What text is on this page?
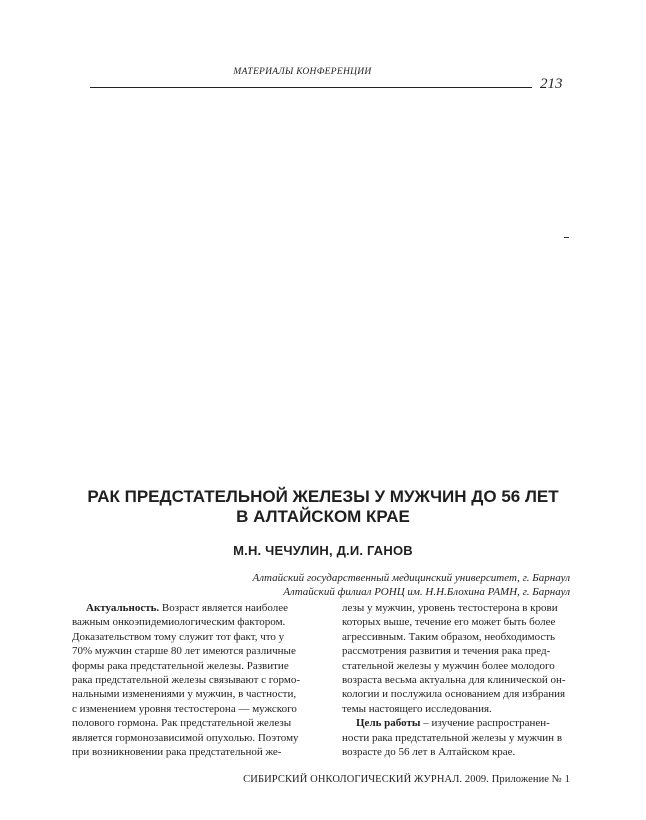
МАТЕРИАЛЫ КОНФЕРЕНЦИИ
213
РАК ПРЕДСТАТЕЛЬНОЙ ЖЕЛЕЗЫ У МУЖЧИН ДО 56 ЛЕТ
В АЛТАЙСКОМ КРАЕ
М.Н. ЧЕЧУЛИН, Д.И. ГАНОВ
Алтайский государственный медицинский университет, г. Барнаул
Алтайский филиал РОНЦ им. Н.Н.Блохина РАМН, г. Барнаул
Актуальность. Возраст является наиболее
важным онкоэпидемиологическим фактором.
Доказательством тому служит тот факт, что у
70% мужчин старше 80 лет имеются различные
формы рака предстательной железы. Развитие
рака предстательной железы связывают с гормо-
нальными изменениями у мужчин, в частности,
с изменением уровня тестостерона — мужского
полового гормона. Рак предстательной железы
является гормонозависимой опухолью. Поэтому
при возникновении рака предстательной же-
лезы у мужчин, уровень тестостерона в крови
которых выше, течение его может быть более
агрессивным. Таким образом, необходимость
рассмотрения развития и течения рака пред-
стательной железы у мужчин более молодого
возраста весьма актуальна для клинической он-
кологии и послужила основанием для избрания
темы настоящего исследования.
Цель работы – изучение распространен-
ности рака предстательной железы у мужчин в
возрасте до 56 лет в Алтайском крае.
СИБИРСКИЙ ОНКОЛОГИЧЕСКИЙ ЖУРНАЛ. 2009. Приложение № 1
